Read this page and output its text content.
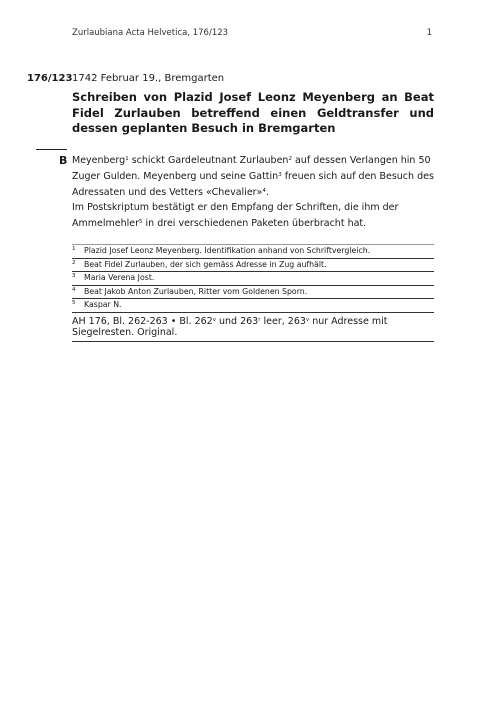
Zurlaubiana Acta Helvetica, 176/123	1
176/123 1742 Februar 19., Bremgarten
Schreiben von Plazid Josef Leonz Meyenberg an Beat Fidel Zurlauben betreffend einen Geldtransfer und dessen geplanten Besuch in Bremgarten
B Meyenberg$^1$ schickt Gardeleutnant Zurlauben$^2$ auf dessen Verlangen hin 50 Zuger Gulden. Meyenberg und seine Gattin$^3$ freuen sich auf den Besuch des Adressaten und des Vetters «Chevalier»$^4$.

Im Postskriptum bestätigt er den Empfang der Schriften, die ihm der Ammelmehler$^5$ in drei verschiedenen Paketen überbracht hat.

1 Plazid Josef Leonz Meyenberg. Identifikation anhand von Schriftvergleich.
2 Beat Fidel Zurlauben, der sich gemäss Adresse in Zug aufhält.
3 Maria Verena Jost.
4 Beat Jakob Anton Zurlauben, Ritter vom Goldenen Sporn.
5 Kaspar N.
AH 176, Bl. 262-263 • Bl. 262$^v$ und 263$^r$ leer, 263$^v$ nur Adresse mit Siegelresten. Original.
